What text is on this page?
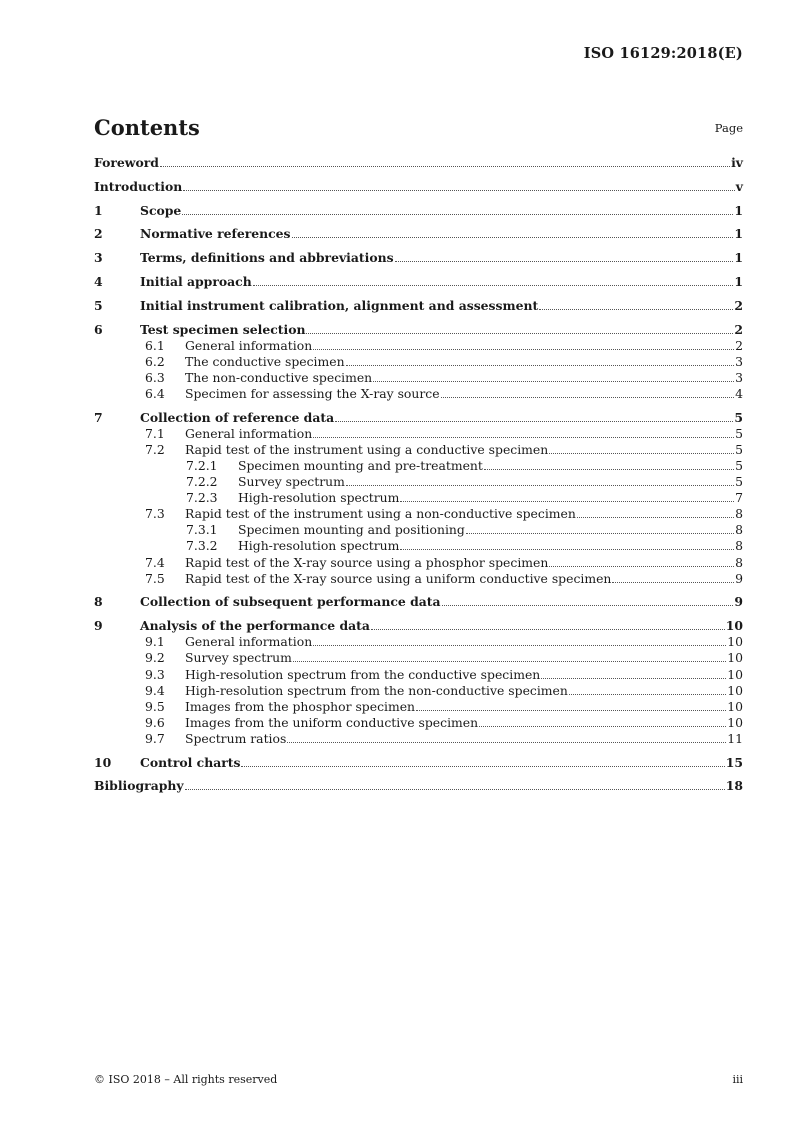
ISO 16129:2018(E)
Contents	Page
Foreword	iv
Introduction	v
1	Scope	1
2	Normative references	1
3	Terms, definitions and abbreviations	1
4	Initial approach	1
5	Initial instrument calibration, alignment and assessment	2
6	Test specimen selection	2
6.1 General information	2
6.2 The conductive specimen	3
6.3 The non-conductive specimen	3
6.4 Specimen for assessing the X-ray source	4
7	Collection of reference data	5
7.1 General information	5
7.2 Rapid test of the instrument using a conductive specimen	5
7.2.1 Specimen mounting and pre-treatment	5
7.2.2 Survey spectrum	5
7.2.3 High-resolution spectrum	7
7.3 Rapid test of the instrument using a non-conductive specimen	8
7.3.1 Specimen mounting and positioning	8
7.3.2 High-resolution spectrum	8
7.4 Rapid test of the X-ray source using a phosphor specimen	8
7.5 Rapid test of the X-ray source using a uniform conductive specimen	9
8	Collection of subsequent performance data	9
9	Analysis of the performance data	10
9.1 General information	10
9.2 Survey spectrum	10
9.3 High-resolution spectrum from the conductive specimen	10
9.4 High-resolution spectrum from the non-conductive specimen	10
9.5 Images from the phosphor specimen	10
9.6 Images from the uniform conductive specimen	10
9.7 Spectrum ratios	11
10 Control charts	15
Bibliography	18
© ISO 2018 – All rights reserved	iii
